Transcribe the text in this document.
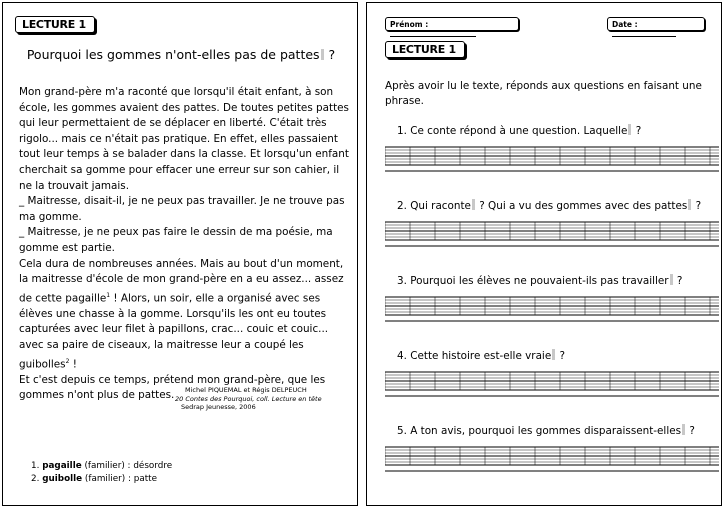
LECTURE 1
Pourquoi les gommes n'ont-elles pas de pattes ?

Mon grand-père m'a raconté que lorsqu'il était enfant, à son école, les gommes avaient des pattes. De toutes petites pattes qui leur permettaient de se déplacer en liberté. C'était très rigolo... mais ce n'était pas pratique. En effet, elles passaient tout leur temps à se balader dans la classe. Et lorsqu'un enfant cherchait sa gomme pour effacer une erreur sur son cahier, il ne la trouvait jamais.

_ Maitresse, disait-il, je ne peux pas travailler. Je ne trouve pas ma gomme.

_ Maitresse, je ne peux pas faire le dessin de ma poésie, ma gomme est partie.

Cela dura de nombreuses années. Mais au bout d'un moment, la maitresse d'école de mon grand-père en a eu assez... assez de cette pagaille$^1$ ! Alors, un soir, elle a organisé avec ses élèves une chasse à la gomme. Lorsqu'ils les ont eu toutes capturées avec leur filet à papillons, crac... couic et couic... avec sa paire de ciseaux, la maitresse leur a coupé les guibolles$^2$ !

Et c'est depuis ce temps, prétend mon grand-père, que les gommes n'ont plus de pattes.	Michel PIQUEMAL et Régis DELPEUCH
20 Contes des Pourquoi, coll. Lecture en tête
Sedrap Jeunesse, 2006
1. pagaille (familier) : désordre
2. guibolle (familier) : patte
Prénom :	Date :
LECTURE 1
Après avoir lu le texte, réponds aux questions en faisant une phrase.
1. Ce conte répond à une question. Laquelle ?
2. Qui raconte ? Qui a vu des gommes avec des pattes ?
3. Pourquoi les élèves ne pouvaient-ils pas travailler ?
4. Cette histoire est-elle vraie ?
5. A ton avis, pourquoi les gommes disparaissent-elles ?
